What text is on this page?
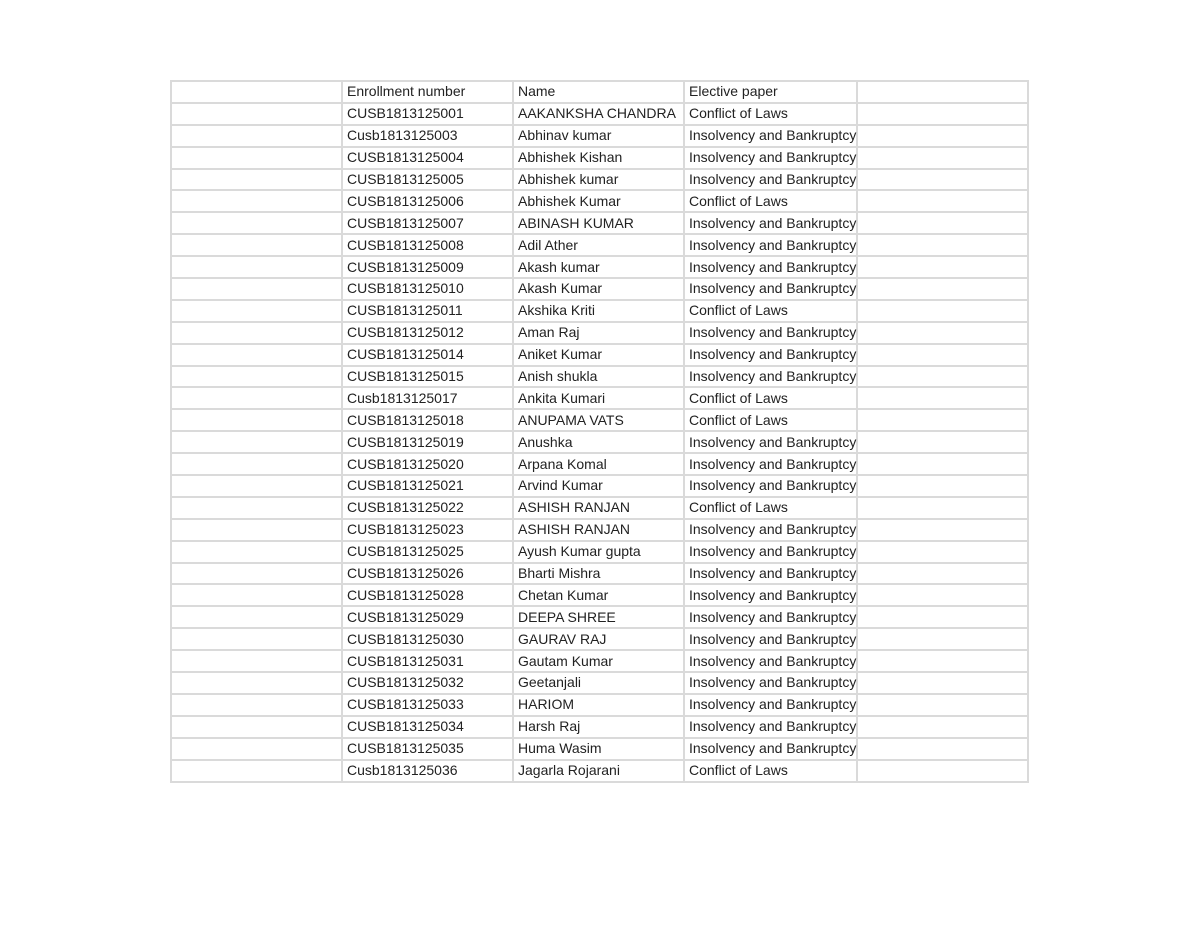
	Enrollment number	Name	Elective paper	
	CUSB1813125001	AAKANKSHA CHANDRA	Conflict of Laws	
	Cusb1813125003	Abhinav kumar	Insolvency and Bankruptcy	
	CUSB1813125004	Abhishek Kishan	Insolvency and Bankruptcy	
	CUSB1813125005	Abhishek kumar	Insolvency and Bankruptcy	
	CUSB1813125006	Abhishek Kumar	Conflict of Laws	
	CUSB1813125007	ABINASH KUMAR	Insolvency and Bankruptcy	
	CUSB1813125008	Adil Ather	Insolvency and Bankruptcy	
	CUSB1813125009	Akash kumar	Insolvency and Bankruptcy	
	CUSB1813125010	Akash Kumar	Insolvency and Bankruptcy	
	CUSB1813125011	Akshika Kriti	Conflict of Laws	
	CUSB1813125012	Aman Raj	Insolvency and Bankruptcy	
	CUSB1813125014	Aniket Kumar	Insolvency and Bankruptcy	
	CUSB1813125015	Anish shukla	Insolvency and Bankruptcy	
	Cusb1813125017	Ankita Kumari	Conflict of Laws	
	CUSB1813125018	ANUPAMA VATS	Conflict of Laws	
	CUSB1813125019	Anushka	Insolvency and Bankruptcy	
	CUSB1813125020	Arpana Komal	Insolvency and Bankruptcy	
	CUSB1813125021	Arvind Kumar	Insolvency and Bankruptcy	
	CUSB1813125022	ASHISH RANJAN	Conflict of Laws	
	CUSB1813125023	ASHISH RANJAN	Insolvency and Bankruptcy	
	CUSB1813125025	Ayush Kumar gupta	Insolvency and Bankruptcy	
	CUSB1813125026	Bharti Mishra	Insolvency and Bankruptcy	
	CUSB1813125028	Chetan Kumar	Insolvency and Bankruptcy	
	CUSB1813125029	DEEPA SHREE	Insolvency and Bankruptcy	
	CUSB1813125030	GAURAV RAJ	Insolvency and Bankruptcy	
	CUSB1813125031	Gautam Kumar	Insolvency and Bankruptcy	
	CUSB1813125032	Geetanjali	Insolvency and Bankruptcy	
	CUSB1813125033	HARIOM	Insolvency and Bankruptcy	
	CUSB1813125034	Harsh Raj	Insolvency and Bankruptcy	
	CUSB1813125035	Huma Wasim	Insolvency and Bankruptcy	
	Cusb1813125036	Jagarla Rojarani	Conflict of Laws	
